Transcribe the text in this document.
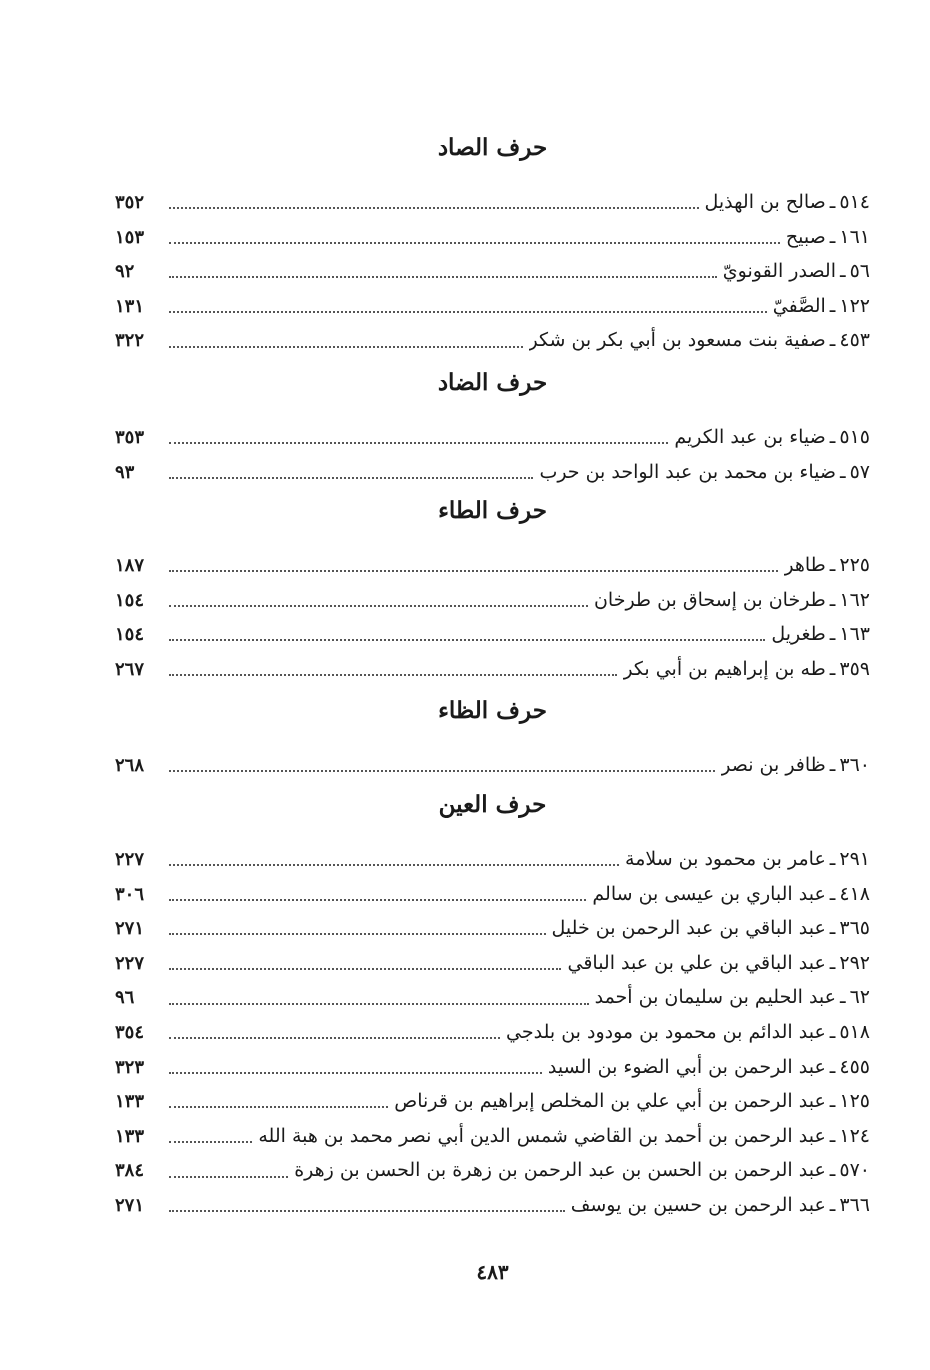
حرف الصاد
٥١٤
ـ
صالح بن الهذيل
٣٥٢
١٦١
ـ
صبيح
١٥٣
٥٦
ـ
الصدر القونويّ
٩٢
١٢٢
ـ
الصَّفيّ
١٣١
٤٥٣
ـ
صفية بنت مسعود بن أبي بكر بن شكر
٣٢٢
حرف الضاد
٥١٥
ـ
ضياء بن عبد الكريم
٣٥٣
٥٧
ـ
ضياء بن محمد بن عبد الواحد بن حرب
٩٣
حرف الطاء
٢٢٥
ـ
طاهر
١٨٧
١٦٢
ـ
طرخان بن إسحاق بن طرخان
١٥٤
١٦٣
ـ
طغريل
١٥٤
٣٥٩
ـ
طه بن إبراهيم بن أبي بكر
٢٦٧
حرف الظاء
٣٦٠
ـ
ظافر بن نصر
٢٦٨
حرف العين
٢٩١
ـ
عامر بن محمود بن سلامة
٢٢٧
٤١٨
ـ
عبد الباري بن عيسى بن سالم
٣٠٦
٣٦٥
ـ
عبد الباقي بن عبد الرحمن بن خليل
٢٧١
٢٩٢
ـ
عبد الباقي بن علي بن عبد الباقي
٢٢٧
٦٢
ـ
عبد الحليم بن سليمان بن أحمد
٩٦
٥١٨
ـ
عبد الدائم بن محمود بن مودود بن بلدجي
٣٥٤
٤٥٥
ـ
عبد الرحمن بن أبي الضوء بن السيد
٣٢٣
١٢٥
ـ
عبد الرحمن بن أبي علي بن المخلص إبراهيم بن قرناص
١٣٣
١٢٤
ـ
عبد الرحمن بن أحمد بن القاضي شمس الدين أبي نصر محمد بن هبة الله
١٣٣
٥٧٠
ـ
عبد الرحمن بن الحسن بن عبد الرحمن بن زهرة بن الحسن بن زهرة
٣٨٤
٣٦٦
ـ
عبد الرحمن بن حسين بن يوسف
٢٧١
٤٨٣
